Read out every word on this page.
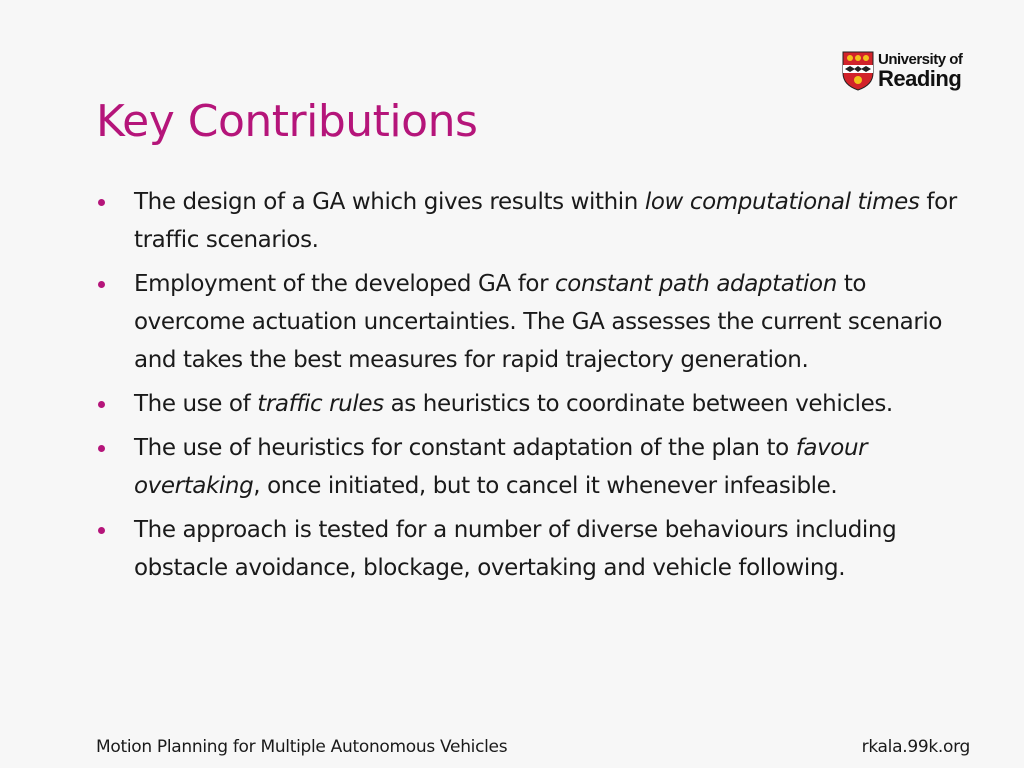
University of
Reading
Key Contributions
The design of a GA which gives results within low computational times for traffic scenarios.
Employment of the developed GA for constant path adaptation to overcome actuation uncertainties. The GA assesses the current scenario and takes the best measures for rapid trajectory generation.
The use of traffic rules as heuristics to coordinate between vehicles.
The use of heuristics for constant adaptation of the plan to favour overtaking, once initiated, but to cancel it whenever infeasible.
The approach is tested for a number of diverse behaviours including obstacle avoidance, blockage, overtaking and vehicle following.
Motion Planning for Multiple Autonomous Vehicles	rkala.99k.org
